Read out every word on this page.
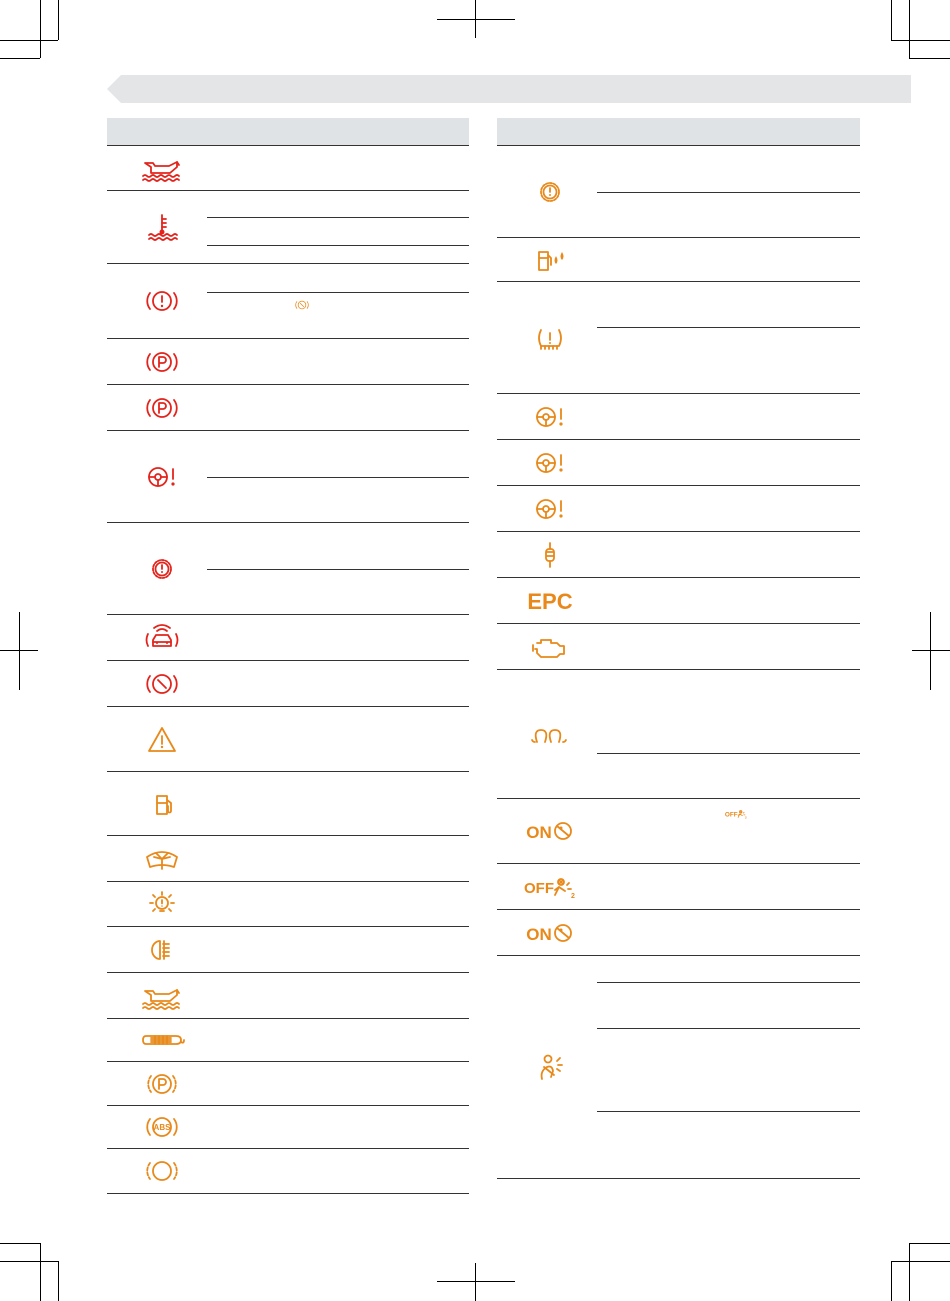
ABS
EPC
ON
OFF 2
OFF 2
ON
